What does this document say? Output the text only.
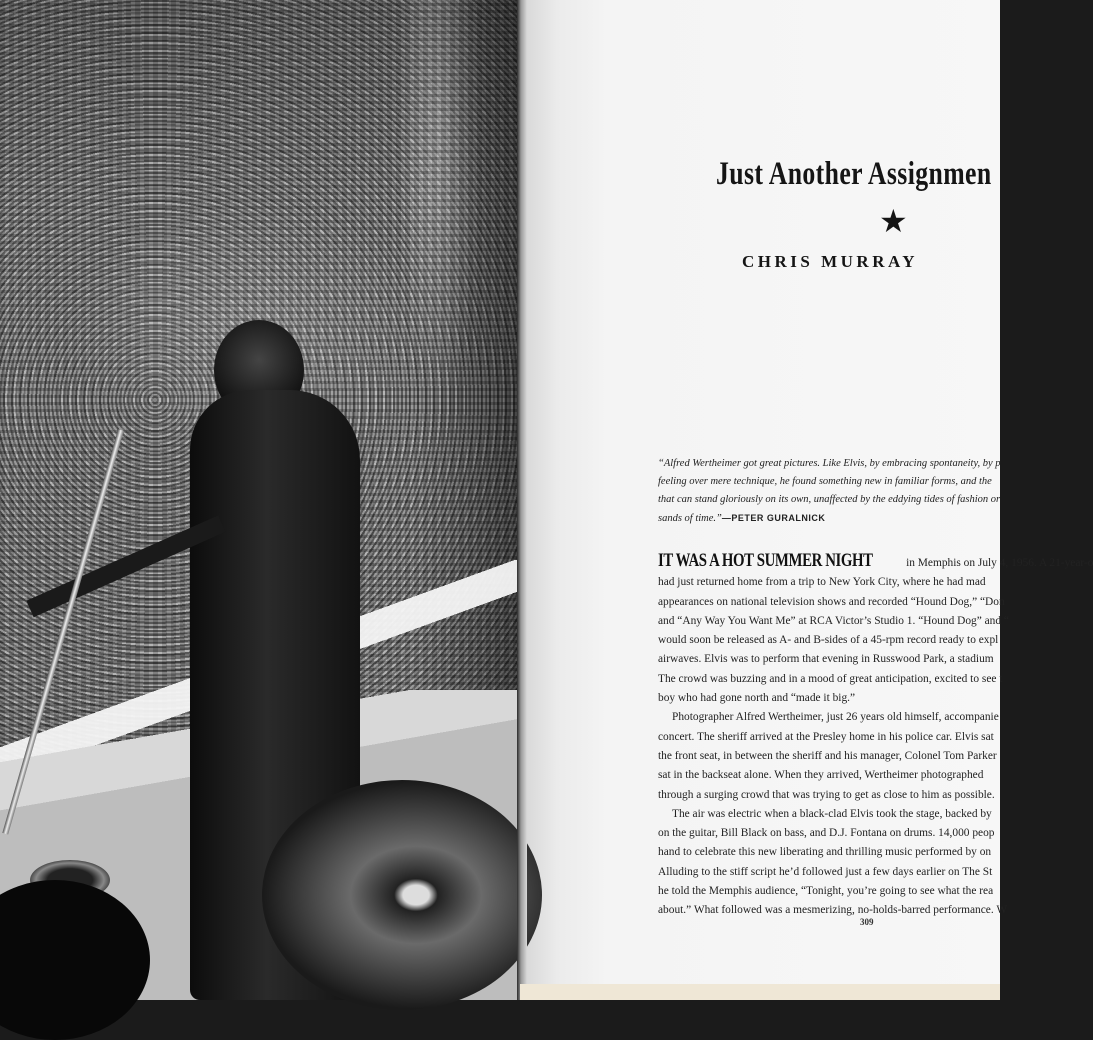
Just Another Assignmen
★
CHRIS MURRAY
“Alfred Wertheimer got great pictures. Like Elvis, by embracing spontaneity, by p
feeling over mere technique, he found something new in familiar forms, and the
that can stand gloriously on its own, unaffected by the eddying tides of fashion or
sands of time.”—PETER GURALNICK

IT WAS A HOT SUMMER NIGHT	in Memphis on July 4, 1956. A 21-year-o

had just returned home from a trip to New York City, where he had mad

appearances on national television shows and recorded “Hound Dog,” “Don

and “Any Way You Want Me” at RCA Victor’s Studio 1. “Hound Dog” and “

would soon be released as A- and B-sides of a 45-rpm record ready to expl

airwaves. Elvis was to perform that evening in Russwood Park, a stadium

The crowd was buzzing and in a mood of great anticipation, excited to see t

boy who had gone north and “made it big.”

Photographer Alfred Wertheimer, just 26 years old himself, accompanie

concert. The sheriff arrived at the Presley home in his police car. Elvis sat

the front seat, in between the sheriff and his manager, Colonel Tom Parker

sat in the backseat alone. When they arrived, Wertheimer photographed

through a surging crowd that was trying to get as close to him as possible.

The air was electric when a black-clad Elvis took the stage, backed by

on the guitar, Bill Black on bass, and D.J. Fontana on drums. 14,000 peop

hand to celebrate this new liberating and thrilling music performed by on

Alluding to the stiff script he’d followed just a few days earlier on The St

he told the Memphis audience, “Tonight, you’re going to see what the rea

about.” What followed was a mesmerizing, no-holds-barred performance. W

309
